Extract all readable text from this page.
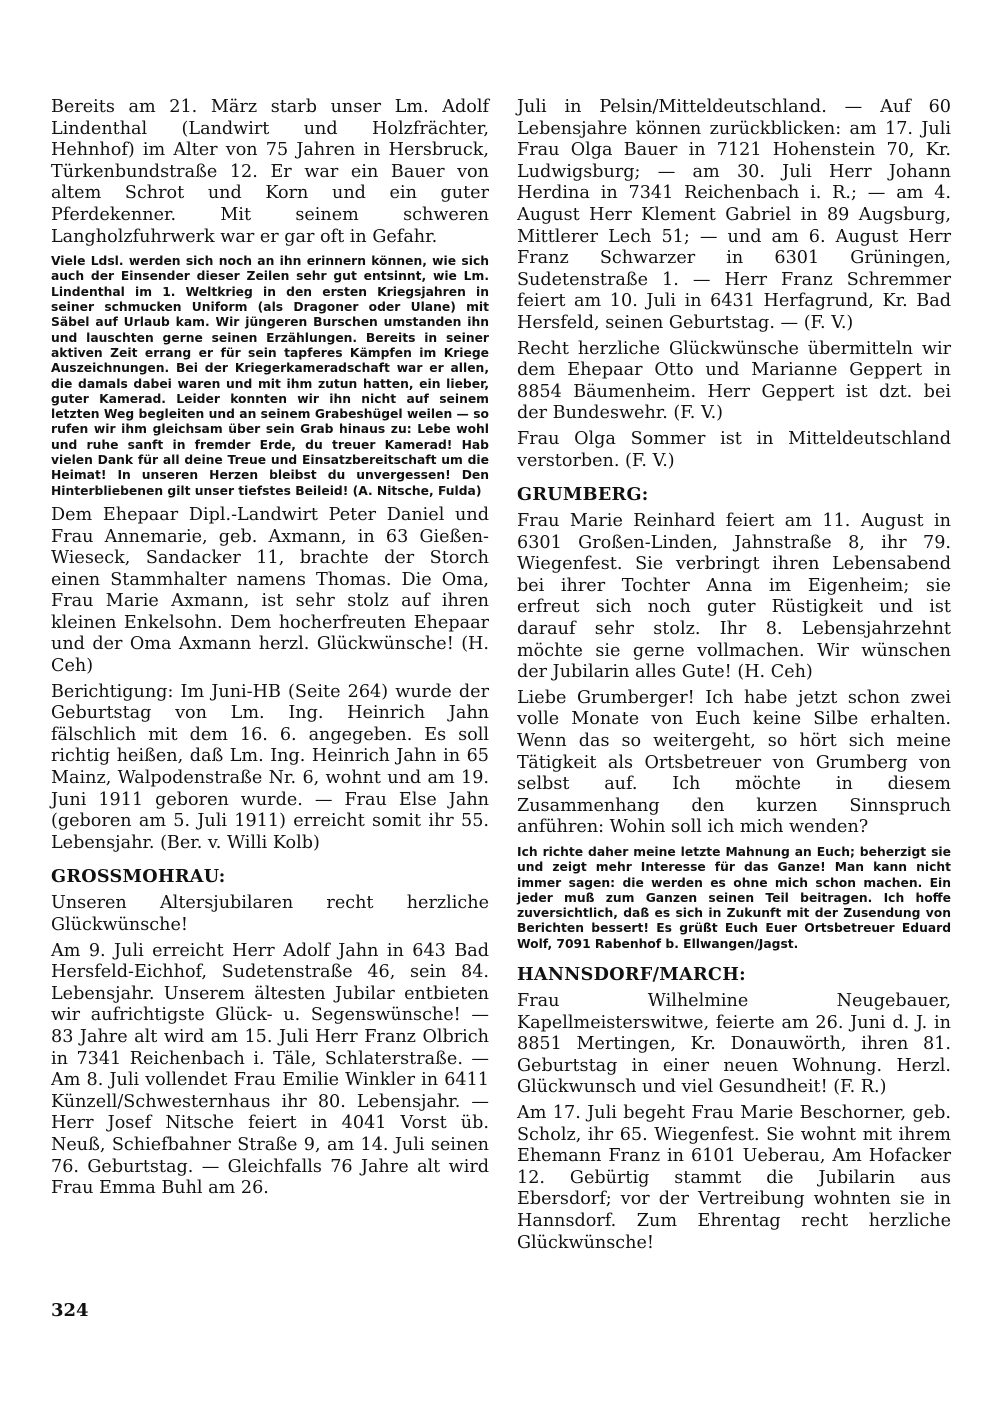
Bereits am 21. März starb unser Lm. Adolf Lindenthal (Landwirt und Holzfrächter, Hehnhof) im Alter von 75 Jahren in Hersbruck, Türkenbundstraße 12. Er war ein Bauer von altem Schrot und Korn und ein guter Pferdekenner. Mit seinem schweren Langholzfuhrwerk war er gar oft in Gefahr.

Viele Ldsl. werden sich noch an ihn erinnern können, wie sich auch der Einsender dieser Zeilen sehr gut entsinnt, wie Lm. Lindenthal im 1. Weltkrieg in den ersten Kriegsjahren in seiner schmucken Uniform (als Dragoner oder Ulane) mit Säbel auf Urlaub kam. Wir jüngeren Burschen umstanden ihn und lauschten gerne seinen Erzählungen. Bereits in seiner aktiven Zeit errang er für sein tapferes Kämpfen im Kriege Auszeichnungen. Bei der Kriegerkameradschaft war er allen, die damals dabei waren und mit ihm zutun hatten, ein lieber, guter Kamerad. Leider konnten wir ihn nicht auf seinem letzten Weg begleiten und an seinem Grabeshügel weilen — so rufen wir ihm gleichsam über sein Grab hinaus zu: Lebe wohl und ruhe sanft in fremder Erde, du treuer Kamerad! Hab vielen Dank für all deine Treue und Einsatzbereitschaft um die Heimat! In unseren Herzen bleibst du unvergessen! Den Hinterbliebenen gilt unser tiefstes Beileid! (A. Nitsche, Fulda)

Dem Ehepaar Dipl.-Landwirt Peter Daniel und Frau Annemarie, geb. Axmann, in 63 Gießen-Wieseck, Sandacker 11, brachte der Storch einen Stammhalter namens Thomas. Die Oma, Frau Marie Axmann, ist sehr stolz auf ihren kleinen Enkelsohn. Dem hocherfreuten Ehepaar und der Oma Axmann herzl. Glückwünsche! (H. Ceh)

Berichtigung: Im Juni-HB (Seite 264) wurde der Geburtstag von Lm. Ing. Heinrich Jahn fälschlich mit dem 16. 6. angegeben. Es soll richtig heißen, daß Lm. Ing. Heinrich Jahn in 65 Mainz, Walpodenstraße Nr. 6, wohnt und am 19. Juni 1911 geboren wurde. — Frau Else Jahn (geboren am 5. Juli 1911) erreicht somit ihr 55. Lebensjahr. (Ber. v. Willi Kolb)

GROSSMOHRAU:

Unseren Altersjubilaren recht herzliche Glückwünsche!

Am 9. Juli erreicht Herr Adolf Jahn in 643 Bad Hersfeld-Eichhof, Sudetenstraße 46, sein 84. Lebensjahr. Unserem ältesten Jubilar entbieten wir aufrichtigste Glück- u. Segenswünsche! — 83 Jahre alt wird am 15. Juli Herr Franz Olbrich in 7341 Reichenbach i. Täle, Schlaterstraße. — Am 8. Juli vollendet Frau Emilie Winkler in 6411 Künzell/Schwesternhaus ihr 80. Lebensjahr. — Herr Josef Nitsche feiert in 4041 Vorst üb. Neuß, Schiefbahner Straße 9, am 14. Juli seinen 76. Geburtstag. — Gleichfalls 76 Jahre alt wird Frau Emma Buhl am 26.

Juli in Pelsin/Mitteldeutschland. — Auf 60 Lebensjahre können zurückblicken: am 17. Juli Frau Olga Bauer in 7121 Hohenstein 70, Kr. Ludwigsburg; — am 30. Juli Herr Johann Herdina in 7341 Reichenbach i. R.; — am 4. August Herr Klement Gabriel in 89 Augsburg, Mittlerer Lech 51; — und am 6. August Herr Franz Schwarzer in 6301 Grüningen, Sudetenstraße 1. — Herr Franz Schremmer feiert am 10. Juli in 6431 Herfagrund, Kr. Bad Hersfeld, seinen Geburtstag. — (F. V.)

Recht herzliche Glückwünsche übermitteln wir dem Ehepaar Otto und Marianne Geppert in 8854 Bäumenheim. Herr Geppert ist dzt. bei der Bundeswehr. (F. V.)

Frau Olga Sommer ist in Mitteldeutschland verstorben. (F. V.)

GRUMBERG:

Frau Marie Reinhard feiert am 11. August in 6301 Großen-Linden, Jahnstraße 8, ihr 79. Wiegenfest. Sie verbringt ihren Lebensabend bei ihrer Tochter Anna im Eigenheim; sie erfreut sich noch guter Rüstigkeit und ist darauf sehr stolz. Ihr 8. Lebensjahrzehnt möchte sie gerne vollmachen. Wir wünschen der Jubilarin alles Gute! (H. Ceh)

Liebe Grumberger! Ich habe jetzt schon zwei volle Monate von Euch keine Silbe erhalten. Wenn das so weitergeht, so hört sich meine Tätigkeit als Ortsbetreuer von Grumberg von selbst auf. Ich möchte in diesem Zusammenhang den kurzen Sinnspruch anführen: Wohin soll ich mich wenden?

Ich richte daher meine letzte Mahnung an Euch; beherzigt sie und zeigt mehr Interesse für das Ganze! Man kann nicht immer sagen: die werden es ohne mich schon machen. Ein jeder muß zum Ganzen seinen Teil beitragen. Ich hoffe zuversichtlich, daß es sich in Zukunft mit der Zusendung von Berichten bessert! Es grüßt Euch Euer Ortsbetreuer Eduard Wolf, 7091 Rabenhof b. Ellwangen/Jagst.

HANNSDORF/MARCH:

Frau Wilhelmine Neugebauer, Kapellmeisterswitwe, feierte am 26. Juni d. J. in 8851 Mertingen, Kr. Donauwörth, ihren 81. Geburtstag in einer neuen Wohnung. Herzl. Glückwunsch und viel Gesundheit! (F. R.)

Am 17. Juli begeht Frau Marie Beschorner, geb. Scholz, ihr 65. Wiegenfest. Sie wohnt mit ihrem Ehemann Franz in 6101 Ueberau, Am Hofacker 12. Gebürtig stammt die Jubilarin aus Ebersdorf; vor der Vertreibung wohnten sie in Hannsdorf. Zum Ehrentag recht herzliche Glückwünsche!

324
